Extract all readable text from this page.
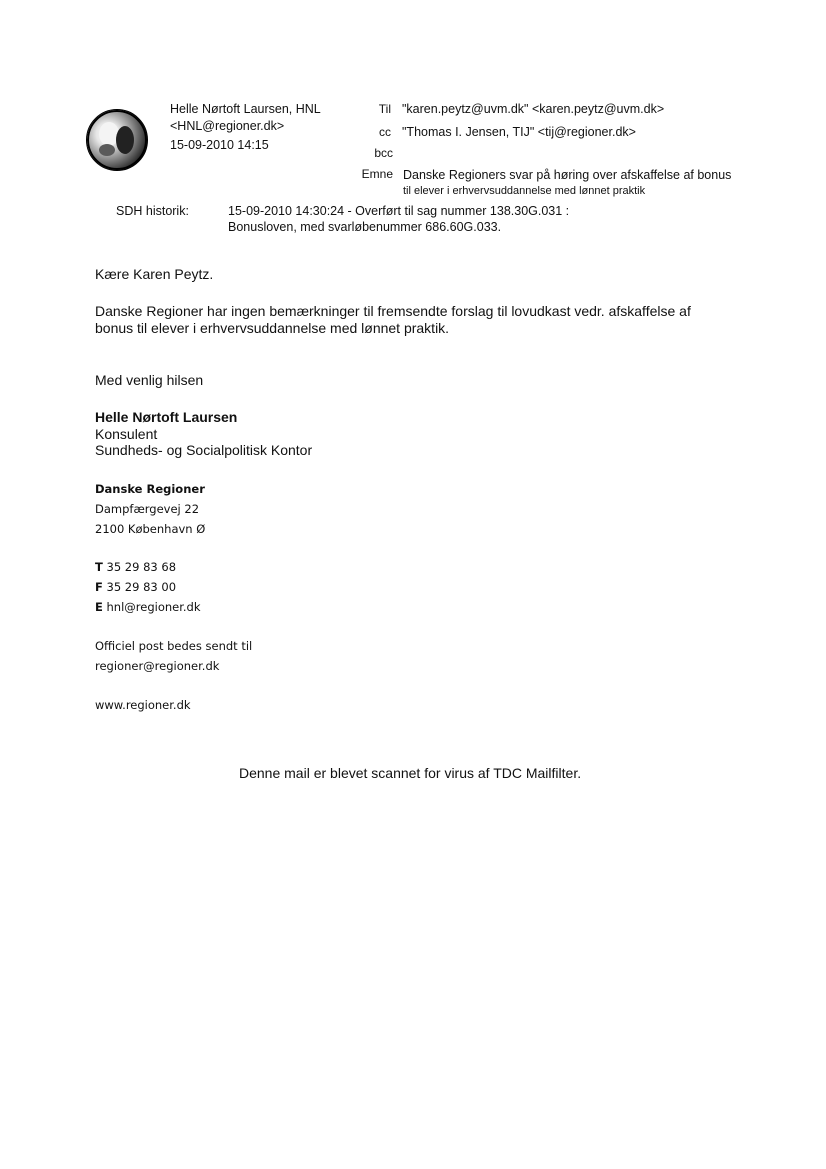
Helle Nørtoft Laursen, HNL
<HNL@regioner.dk>
15-09-2010 14:15
Til "karen.peytz@uvm.dk" <karen.peytz@uvm.dk>
cc "Thomas I. Jensen, TIJ" <tij@regioner.dk>
bcc
Emne Danske Regioners svar på høring over afskaffelse af bonus
til elever i erhvervsuddannelse med lønnet praktik
SDH historik:	15-09-2010 14:30:24 - Overført til sag nummer 138.30G.031 :
Bonusloven, med svarløbenummer 686.60G.033.
Kære Karen Peytz.
Danske Regioner har ingen bemærkninger til fremsendte forslag til lovudkast vedr. afskaffelse af
bonus til elever i erhvervsuddannelse med lønnet praktik.
Med venlig hilsen
Helle Nørtoft Laursen
Konsulent
Sundheds- og Socialpolitisk Kontor
Danske Regioner
Dampfærgevej 22
2100 København Ø
T 35 29 83 68
F 35 29 83 00
E hnl@regioner.dk
Officiel post bedes sendt til
regioner@regioner.dk
www.regioner.dk
Denne mail er blevet scannet for virus af TDC Mailfilter.
